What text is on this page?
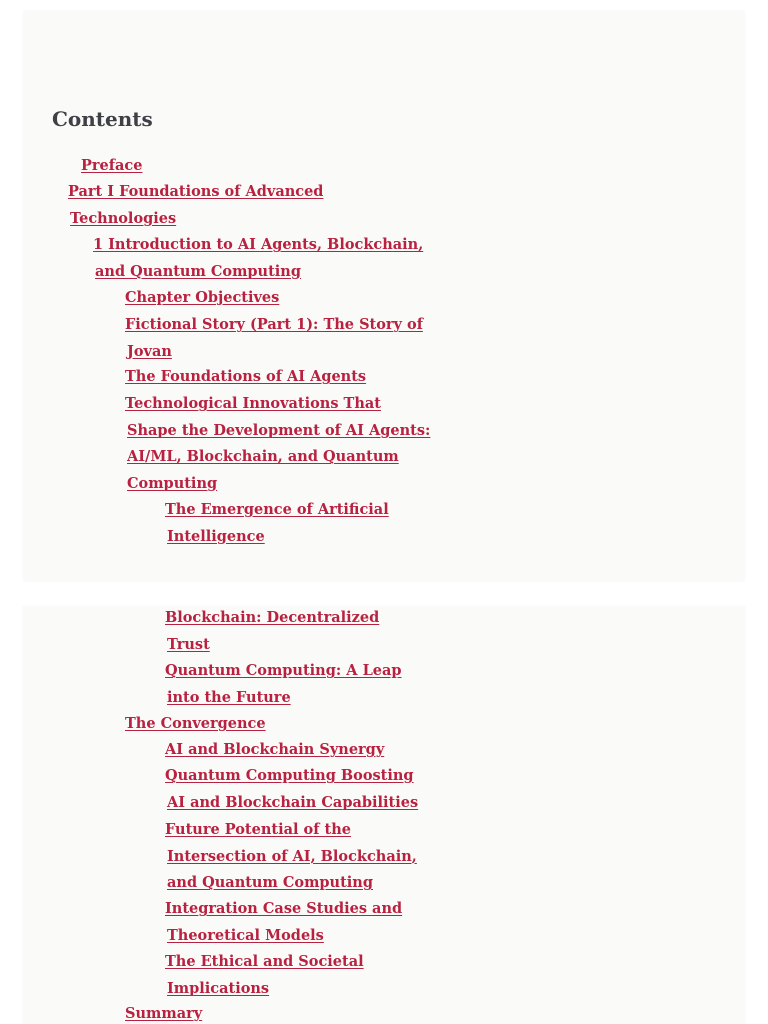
Contents
Preface
Part I Foundations of Advanced
Technologies
1 Introduction to AI Agents, Blockchain,
and Quantum Computing
Chapter Objectives
Fictional Story (Part 1): The Story of
Jovan
The Foundations of AI Agents
Technological Innovations That
Shape the Development of AI Agents:
AI/ML, Blockchain, and Quantum
Computing
The Emergence of Artificial
Intelligence
Blockchain: Decentralized
Trust
Quantum Computing: A Leap
into the Future
The Convergence
AI and Blockchain Synergy
Quantum Computing Boosting
AI and Blockchain Capabilities
Future Potential of the
Intersection of AI, Blockchain,
and Quantum Computing
Integration Case Studies and
Theoretical Models
The Ethical and Societal
Implications
Summary
